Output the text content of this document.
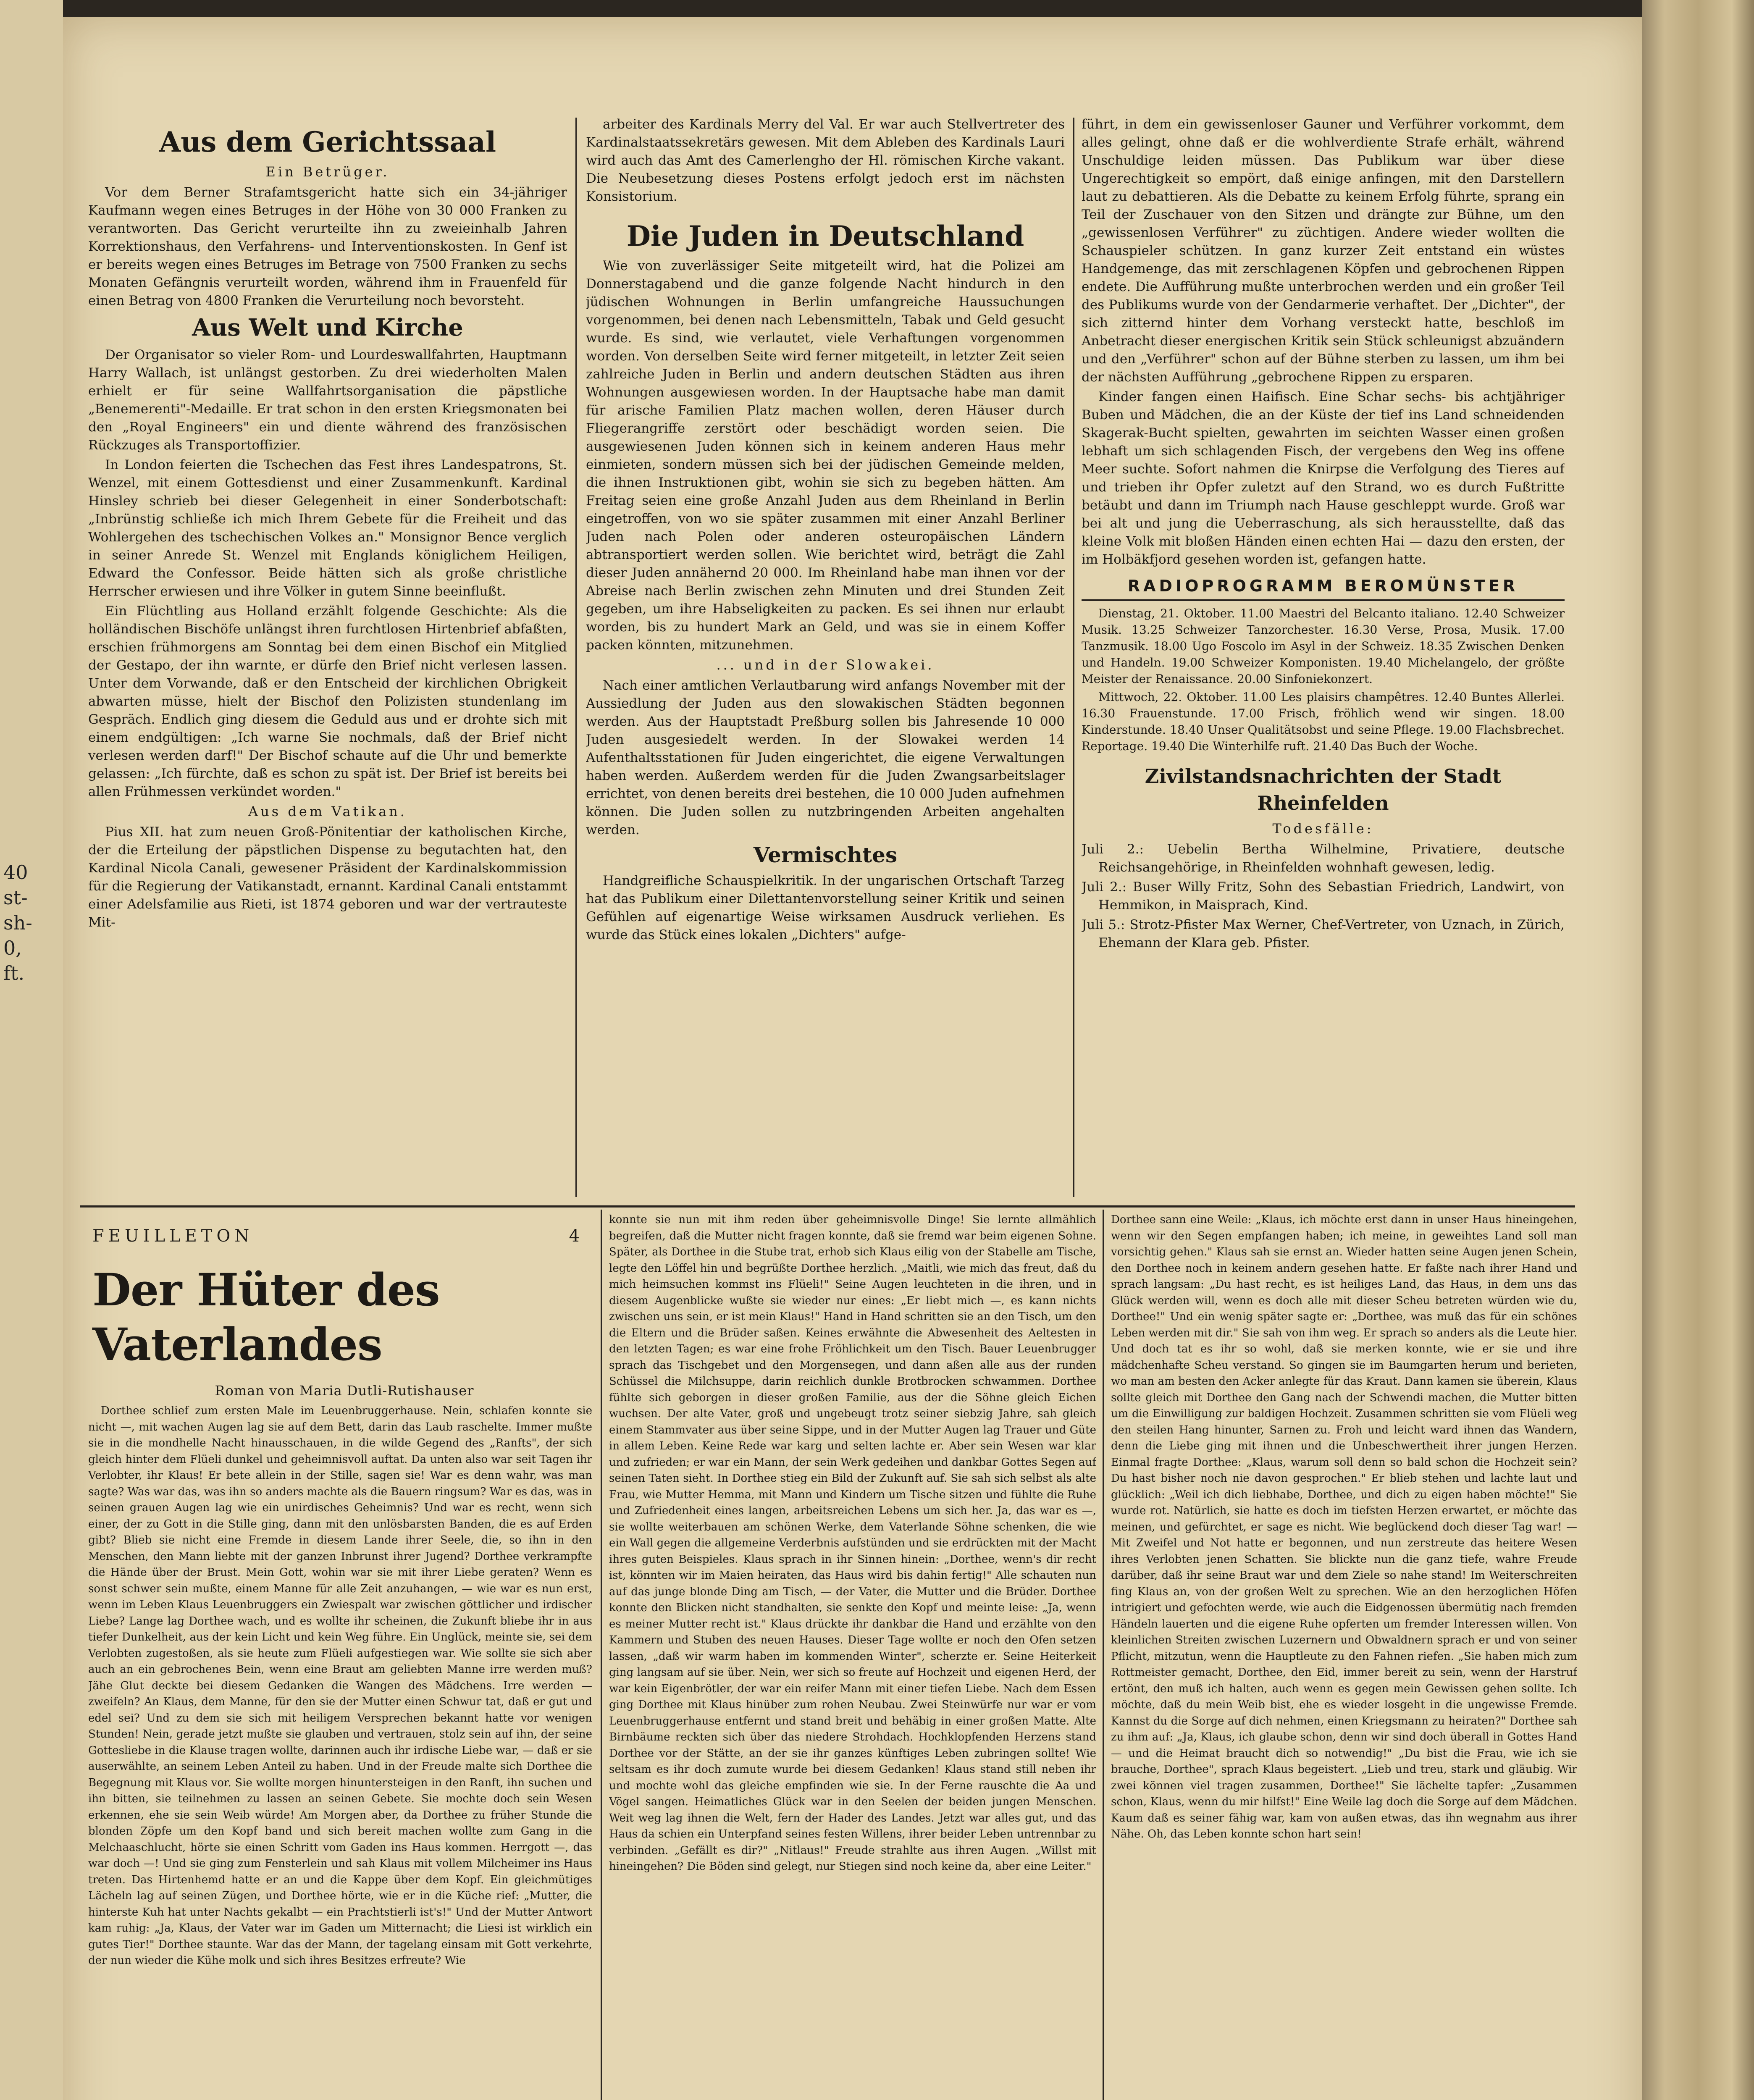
40
st-
sh-
0,
ft.
Aus dem Gerichtssaal
Ein Betrüger.

Vor dem Berner Strafamtsgericht hatte sich ein 34-jähriger Kaufmann wegen eines Betruges in der Höhe von 30 000 Franken zu verantworten. Das Gericht verurteilte ihn zu zweieinhalb Jahren Korrektionshaus, den Verfahrens- und Interventionskosten. In Genf ist er bereits wegen eines Betruges im Betrage von 7500 Franken zu sechs Monaten Gefängnis verurteilt worden, während ihm in Frauenfeld für einen Betrag von 4800 Franken die Verurteilung noch bevorsteht.

Aus Welt und Kirche

Der Organisator so vieler Rom- und Lourdeswallfahrten, Hauptmann Harry Wallach, ist unlängst gestorben. Zu drei wiederholten Malen erhielt er für seine Wallfahrtsorganisation die päpstliche „Benemerenti"-Medaille. Er trat schon in den ersten Kriegsmonaten bei den „Royal Engineers" ein und diente während des französischen Rückzuges als Transportoffizier.

In London feierten die Tschechen das Fest ihres Landespatrons, St. Wenzel, mit einem Gottesdienst und einer Zusammenkunft. Kardinal Hinsley schrieb bei dieser Gelegenheit in einer Sonderbotschaft: „Inbrünstig schließe ich mich Ihrem Gebete für die Freiheit und das Wohlergehen des tschechischen Volkes an." Monsignor Bence verglich in seiner Anrede St. Wenzel mit Englands königlichem Heiligen, Edward the Confessor. Beide hätten sich als große christliche Herrscher erwiesen und ihre Völker in gutem Sinne beeinflußt.

Ein Flüchtling aus Holland erzählt folgende Geschichte: Als die holländischen Bischöfe unlängst ihren furchtlosen Hirtenbrief abfaßten, erschien frühmorgens am Sonntag bei dem einen Bischof ein Mitglied der Gestapo, der ihn warnte, er dürfe den Brief nicht verlesen lassen. Unter dem Vorwande, daß er den Entscheid der kirchlichen Obrigkeit abwarten müsse, hielt der Bischof den Polizisten stundenlang im Gespräch. Endlich ging diesem die Geduld aus und er drohte sich mit einem endgültigen: „Ich warne Sie nochmals, daß der Brief nicht verlesen werden darf!" Der Bischof schaute auf die Uhr und bemerkte gelassen: „Ich fürchte, daß es schon zu spät ist. Der Brief ist bereits bei allen Frühmessen verkündet worden."

Aus dem Vatikan.

Pius XII. hat zum neuen Groß-Pönitentiar der katholischen Kirche, der die Erteilung der päpstlichen Dispense zu begutachten hat, den Kardinal Nicola Canali, gewesener Präsident der Kardinalskommission für die Regierung der Vatikanstadt, ernannt. Kardinal Canali entstammt einer Adelsfamilie aus Rieti, ist 1874 geboren und war der vertrauteste Mit-

arbeiter des Kardinals Merry del Val. Er war auch Stellvertreter des Kardinalstaatssekretärs gewesen. Mit dem Ableben des Kardinals Lauri wird auch das Amt des Camerlengho der Hl. römischen Kirche vakant. Die Neubesetzung dieses Postens erfolgt jedoch erst im nächsten Konsistorium.

Die Juden in Deutschland

Wie von zuverlässiger Seite mitgeteilt wird, hat die Polizei am Donnerstagabend und die ganze folgende Nacht hindurch in den jüdischen Wohnungen in Berlin umfangreiche Haussuchungen vorgenommen, bei denen nach Lebensmitteln, Tabak und Geld gesucht wurde. Es sind, wie verlautet, viele Verhaftungen vorgenommen worden. Von derselben Seite wird ferner mitgeteilt, in letzter Zeit seien zahlreiche Juden in Berlin und andern deutschen Städten aus ihren Wohnungen ausgewiesen worden. In der Hauptsache habe man damit für arische Familien Platz machen wollen, deren Häuser durch Fliegerangriffe zerstört oder beschädigt worden seien. Die ausgewiesenen Juden können sich in keinem anderen Haus mehr einmieten, sondern müssen sich bei der jüdischen Gemeinde melden, die ihnen Instruktionen gibt, wohin sie sich zu begeben hätten. Am Freitag seien eine große Anzahl Juden aus dem Rheinland in Berlin eingetroffen, von wo sie später zusammen mit einer Anzahl Berliner Juden nach Polen oder anderen osteuropäischen Ländern abtransportiert werden sollen. Wie berichtet wird, beträgt die Zahl dieser Juden annähernd 20 000. Im Rheinland habe man ihnen vor der Abreise nach Berlin zwischen zehn Minuten und drei Stunden Zeit gegeben, um ihre Habseligkeiten zu packen. Es sei ihnen nur erlaubt worden, bis zu hundert Mark an Geld, und was sie in einem Koffer packen könnten, mitzunehmen.

... und in der Slowakei.

Nach einer amtlichen Verlautbarung wird anfangs November mit der Aussiedlung der Juden aus den slowakischen Städten begonnen werden. Aus der Hauptstadt Preßburg sollen bis Jahresende 10 000 Juden ausgesiedelt werden. In der Slowakei werden 14 Aufenthaltsstationen für Juden eingerichtet, die eigene Verwaltungen haben werden. Außerdem werden für die Juden Zwangsarbeitslager errichtet, von denen bereits drei bestehen, die 10 000 Juden aufnehmen können. Die Juden sollen zu nutzbringenden Arbeiten angehalten werden.

Vermischtes

Handgreifliche Schauspielkritik. In der ungarischen Ortschaft Tarzeg hat das Publikum einer Dilettantenvorstellung seiner Kritik und seinen Gefühlen auf eigenartige Weise wirksamen Ausdruck verliehen. Es wurde das Stück eines lokalen „Dichters" aufge-

führt, in dem ein gewissenloser Gauner und Verführer vorkommt, dem alles gelingt, ohne daß er die wohlverdiente Strafe erhält, während Unschuldige leiden müssen. Das Publikum war über diese Ungerechtigkeit so empört, daß einige anfingen, mit den Darstellern laut zu debattieren. Als die Debatte zu keinem Erfolg führte, sprang ein Teil der Zuschauer von den Sitzen und drängte zur Bühne, um den „gewissenlosen Verführer" zu züchtigen. Andere wieder wollten die Schauspieler schützen. In ganz kurzer Zeit entstand ein wüstes Handgemenge, das mit zerschlagenen Köpfen und gebrochenen Rippen endete. Die Aufführung mußte unterbrochen werden und ein großer Teil des Publikums wurde von der Gendarmerie verhaftet. Der „Dichter", der sich zitternd hinter dem Vorhang versteckt hatte, beschloß im Anbetracht dieser energischen Kritik sein Stück schleunigst abzuändern und den „Verführer" schon auf der Bühne sterben zu lassen, um ihm bei der nächsten Aufführung „gebrochene Rippen zu ersparen.

Kinder fangen einen Haifisch. Eine Schar sechs- bis achtjähriger Buben und Mädchen, die an der Küste der tief ins Land schneidenden Skagerak-Bucht spielten, gewahrten im seichten Wasser einen großen lebhaft um sich schlagenden Fisch, der vergebens den Weg ins offene Meer suchte. Sofort nahmen die Knirpse die Verfolgung des Tieres auf und trieben ihr Opfer zuletzt auf den Strand, wo es durch Fußtritte betäubt und dann im Triumph nach Hause geschleppt wurde. Groß war bei alt und jung die Ueberraschung, als sich herausstellte, daß das kleine Volk mit bloßen Händen einen echten Hai — dazu den ersten, der im Holbäkfjord gesehen worden ist, gefangen hatte.

RADIOPROGRAMM BEROMÜNSTER

Dienstag, 21. Oktober. 11.00 Maestri del Belcanto italiano. 12.40 Schweizer Musik. 13.25 Schweizer Tanzorchester. 16.30 Verse, Prosa, Musik. 17.00 Tanzmusik. 18.00 Ugo Foscolo im Asyl in der Schweiz. 18.35 Zwischen Denken und Handeln. 19.00 Schweizer Komponisten. 19.40 Michelangelo, der größte Meister der Renaissance. 20.00 Sinfoniekonzert.

Mittwoch, 22. Oktober. 11.00 Les plaisirs champêtres. 12.40 Buntes Allerlei. 16.30 Frauenstunde. 17.00 Frisch, fröhlich wend wir singen. 18.00 Kinderstunde. 18.40 Unser Qualitätsobst und seine Pflege. 19.00 Flachsbrechet. Reportage. 19.40 Die Winterhilfe ruft. 21.40 Das Buch der Woche.

Zivilstandsnachrichten der Stadt Rheinfelden
Todesfälle:

Juli 2.: Uebelin Bertha Wilhelmine, Privatiere, deutsche Reichsangehörige, in Rheinfelden wohnhaft gewesen, ledig.

Juli 2.: Buser Willy Fritz, Sohn des Sebastian Friedrich, Landwirt, von Hemmikon, in Maisprach, Kind.

Juli 5.: Strotz-Pfister Max Werner, Chef-Vertreter, von Uznach, in Zürich, Ehemann der Klara geb. Pfister.

FEUILLETON	4
Der Hüter des Vaterlandes
Roman von Maria Dutli-Rutishauser

Dorthee schlief zum ersten Male im Leuenbruggerhause. Nein, schlafen konnte sie nicht —, mit wachen Augen lag sie auf dem Bett, darin das Laub raschelte. Immer mußte sie in die mondhelle Nacht hinausschauen, in die wilde Gegend des „Ranfts", der sich gleich hinter dem Flüeli dunkel und geheimnisvoll auftat. Da unten also war seit Tagen ihr Verlobter, ihr Klaus! Er bete allein in der Stille, sagen sie! War es denn wahr, was man sagte? Was war das, was ihn so anders machte als die Bauern ringsum? War es das, was in seinen grauen Augen lag wie ein unirdisches Geheimnis? Und war es recht, wenn sich einer, der zu Gott in die Stille ging, dann mit den unlösbarsten Banden, die es auf Erden gibt? Blieb sie nicht eine Fremde in diesem Lande ihrer Seele, die, so ihn in den Menschen, den Mann liebte mit der ganzen Inbrunst ihrer Jugend? Dorthee verkrampfte die Hände über der Brust. Mein Gott, wohin war sie mit ihrer Liebe geraten? Wenn es sonst schwer sein mußte, einem Manne für alle Zeit anzuhangen, — wie war es nun erst, wenn im Leben Klaus Leuenbruggers ein Zwiespalt war zwischen göttlicher und irdischer Liebe? Lange lag Dorthee wach, und es wollte ihr scheinen, die Zukunft bliebe ihr in aus tiefer Dunkelheit, aus der kein Licht und kein Weg führe. Ein Unglück, meinte sie, sei dem Verlobten zugestoßen, als sie heute zum Flüeli aufgestiegen war. Wie sollte sie sich aber auch an ein gebrochenes Bein, wenn eine Braut am geliebten Manne irre werden muß? Jähe Glut deckte bei diesem Gedanken die Wangen des Mädchens. Irre werden — zweifeln? An Klaus, dem Manne, für den sie der Mutter einen Schwur tat, daß er gut und edel sei? Und zu dem sie sich mit heiligem Versprechen bekannt hatte vor wenigen Stunden! Nein, gerade jetzt mußte sie glauben und vertrauen, stolz sein auf ihn, der seine Gottesliebe in die Klause tragen wollte, darinnen auch ihr irdische Liebe war, — daß er sie auserwählte, an seinem Leben Anteil zu haben. Und in der Freude malte sich Dorthee die Begegnung mit Klaus vor. Sie wollte morgen hinuntersteigen in den Ranft, ihn suchen und ihn bitten, sie teilnehmen zu lassen an seinen Gebete. Sie mochte doch sein Wesen erkennen, ehe sie sein Weib würde! Am Morgen aber, da Dorthee zu früher Stunde die blonden Zöpfe um den Kopf band und sich bereit machen wollte zum Gang in die Melchaaschlucht, hörte sie einen Schritt vom Gaden ins Haus kommen. Herrgott —, das war doch —! Und sie ging zum Fensterlein und sah Klaus mit vollem Milcheimer ins Haus treten. Das Hirtenhemd hatte er an und die Kappe über dem Kopf. Ein gleichmütiges Lächeln lag auf seinen Zügen, und Dorthee hörte, wie er in die Küche rief: „Mutter, die hinterste Kuh hat unter Nachts gekalbt — ein Prachtstierli ist's!" Und der Mutter Antwort kam ruhig: „Ja, Klaus, der Vater war im Gaden um Mitternacht; die Liesi ist wirklich ein gutes Tier!" Dorthee staunte. War das der Mann, der tagelang einsam mit Gott verkehrte, der nun wieder die Kühe molk und sich ihres Besitzes erfreute? Wie

konnte sie nun mit ihm reden über geheimnisvolle Dinge! Sie lernte allmählich begreifen, daß die Mutter nicht fragen konnte, daß sie fremd war beim eigenen Sohne. Später, als Dorthee in die Stube trat, erhob sich Klaus eilig von der Stabelle am Tische, legte den Löffel hin und begrüßte Dorthee herzlich. „Maitli, wie mich das freut, daß du mich heimsuchen kommst ins Flüeli!" Seine Augen leuchteten in die ihren, und in diesem Augenblicke wußte sie wieder nur eines: „Er liebt mich —, es kann nichts zwischen uns sein, er ist mein Klaus!" Hand in Hand schritten sie an den Tisch, um den die Eltern und die Brüder saßen. Keines erwähnte die Abwesenheit des Aeltesten in den letzten Tagen; es war eine frohe Fröhlichkeit um den Tisch. Bauer Leuenbrugger sprach das Tischgebet und den Morgensegen, und dann aßen alle aus der runden Schüssel die Milchsuppe, darin reichlich dunkle Brotbrocken schwammen. Dorthee fühlte sich geborgen in dieser großen Familie, aus der die Söhne gleich Eichen wuchsen. Der alte Vater, groß und ungebeugt trotz seiner siebzig Jahre, sah gleich einem Stammvater aus über seine Sippe, und in der Mutter Augen lag Trauer und Güte in allem Leben. Keine Rede war karg und selten lachte er. Aber sein Wesen war klar und zufrieden; er war ein Mann, der sein Werk gedeihen und dankbar Gottes Segen auf seinen Taten sieht. In Dorthee stieg ein Bild der Zukunft auf. Sie sah sich selbst als alte Frau, wie Mutter Hemma, mit Mann und Kindern um Tische sitzen und fühlte die Ruhe und Zufriedenheit eines langen, arbeitsreichen Lebens um sich her. Ja, das war es —, sie wollte weiterbauen am schönen Werke, dem Vaterlande Söhne schenken, die wie ein Wall gegen die allgemeine Verderbnis aufstünden und sie erdrückten mit der Macht ihres guten Beispieles. Klaus sprach in ihr Sinnen hinein: „Dorthee, wenn's dir recht ist, könnten wir im Maien heiraten, das Haus wird bis dahin fertig!" Alle schauten nun auf das junge blonde Ding am Tisch, — der Vater, die Mutter und die Brüder. Dorthee konnte den Blicken nicht standhalten, sie senkte den Kopf und meinte leise: „Ja, wenn es meiner Mutter recht ist." Klaus drückte ihr dankbar die Hand und erzählte von den Kammern und Stuben des neuen Hauses. Dieser Tage wollte er noch den Ofen setzen lassen, „daß wir warm haben im kommenden Winter", scherzte er. Seine Heiterkeit ging langsam auf sie über. Nein, wer sich so freute auf Hochzeit und eigenen Herd, der war kein Eigenbrötler, der war ein reifer Mann mit einer tiefen Liebe. Nach dem Essen ging Dorthee mit Klaus hinüber zum rohen Neubau. Zwei Steinwürfe nur war er vom Leuenbruggerhause entfernt und stand breit und behäbig in einer großen Matte. Alte Birnbäume reckten sich über das niedere Strohdach. Hochklopfenden Herzens stand Dorthee vor der Stätte, an der sie ihr ganzes künftiges Leben zubringen sollte! Wie seltsam es ihr doch zumute wurde bei diesem Gedanken! Klaus stand still neben ihr und mochte wohl das gleiche empfinden wie sie. In der Ferne rauschte die Aa und Vögel sangen. Heimatliches Glück war in den Seelen der beiden jungen Menschen. Weit weg lag ihnen die Welt, fern der Hader des Landes. Jetzt war alles gut, und das Haus da schien ein Unterpfand seines festen Willens, ihrer beider Leben untrennbar zu verbinden. „Gefällt es dir?" „Nitlaus!" Freude strahlte aus ihren Augen. „Willst mit hineingehen? Die Böden sind gelegt, nur Stiegen sind noch keine da, aber eine Leiter."

Dorthee sann eine Weile: „Klaus, ich möchte erst dann in unser Haus hineingehen, wenn wir den Segen empfangen haben; ich meine, in geweihtes Land soll man vorsichtig gehen." Klaus sah sie ernst an. Wieder hatten seine Augen jenen Schein, den Dorthee noch in keinem andern gesehen hatte. Er faßte nach ihrer Hand und sprach langsam: „Du hast recht, es ist heiliges Land, das Haus, in dem uns das Glück werden will, wenn es doch alle mit dieser Scheu betreten würden wie du, Dorthee!" Und ein wenig später sagte er: „Dorthee, was muß das für ein schönes Leben werden mit dir." Sie sah von ihm weg. Er sprach so anders als die Leute hier. Und doch tat es ihr so wohl, daß sie merken konnte, wie er sie und ihre mädchenhafte Scheu verstand. So gingen sie im Baumgarten herum und berieten, wo man am besten den Acker anlegte für das Kraut. Dann kamen sie überein, Klaus sollte gleich mit Dorthee den Gang nach der Schwendi machen, die Mutter bitten um die Einwilligung zur baldigen Hochzeit. Zusammen schritten sie vom Flüeli weg den steilen Hang hinunter, Sarnen zu. Froh und leicht ward ihnen das Wandern, denn die Liebe ging mit ihnen und die Unbeschwertheit ihrer jungen Herzen. Einmal fragte Dorthee: „Klaus, warum soll denn so bald schon die Hochzeit sein? Du hast bisher noch nie davon gesprochen." Er blieb stehen und lachte laut und glücklich: „Weil ich dich liebhabe, Dorthee, und dich zu eigen haben möchte!" Sie wurde rot. Natürlich, sie hatte es doch im tiefsten Herzen erwartet, er möchte das meinen, und gefürchtet, er sage es nicht. Wie beglückend doch dieser Tag war! — Mit Zweifel und Not hatte er begonnen, und nun zerstreute das heitere Wesen ihres Verlobten jenen Schatten. Sie blickte nun die ganz tiefe, wahre Freude darüber, daß ihr seine Braut war und dem Ziele so nahe stand! Im Weiterschreiten fing Klaus an, von der großen Welt zu sprechen. Wie an den herzoglichen Höfen intrigiert und gefochten werde, wie auch die Eidgenossen übermütig nach fremden Händeln lauerten und die eigene Ruhe opferten um fremder Interessen willen. Von kleinlichen Streiten zwischen Luzernern und Obwaldnern sprach er und von seiner Pflicht, mitzutun, wenn die Hauptleute zu den Fahnen riefen. „Sie haben mich zum Rottmeister gemacht, Dorthee, den Eid, immer bereit zu sein, wenn der Harstruf ertönt, den muß ich halten, auch wenn es gegen mein Gewissen gehen sollte. Ich möchte, daß du mein Weib bist, ehe es wieder losgeht in die ungewisse Fremde. Kannst du die Sorge auf dich nehmen, einen Kriegsmann zu heiraten?" Dorthee sah zu ihm auf: „Ja, Klaus, ich glaube schon, denn wir sind doch überall in Gottes Hand — und die Heimat braucht dich so notwendig!" „Du bist die Frau, wie ich sie brauche, Dorthee", sprach Klaus begeistert. „Lieb und treu, stark und gläubig. Wir zwei können viel tragen zusammen, Dorthee!" Sie lächelte tapfer: „Zusammen schon, Klaus, wenn du mir hilfst!" Eine Weile lag doch die Sorge auf dem Mädchen. Kaum daß es seiner fähig war, kam von außen etwas, das ihn wegnahm aus ihrer Nähe. Oh, das Leben konnte schon hart sein!
